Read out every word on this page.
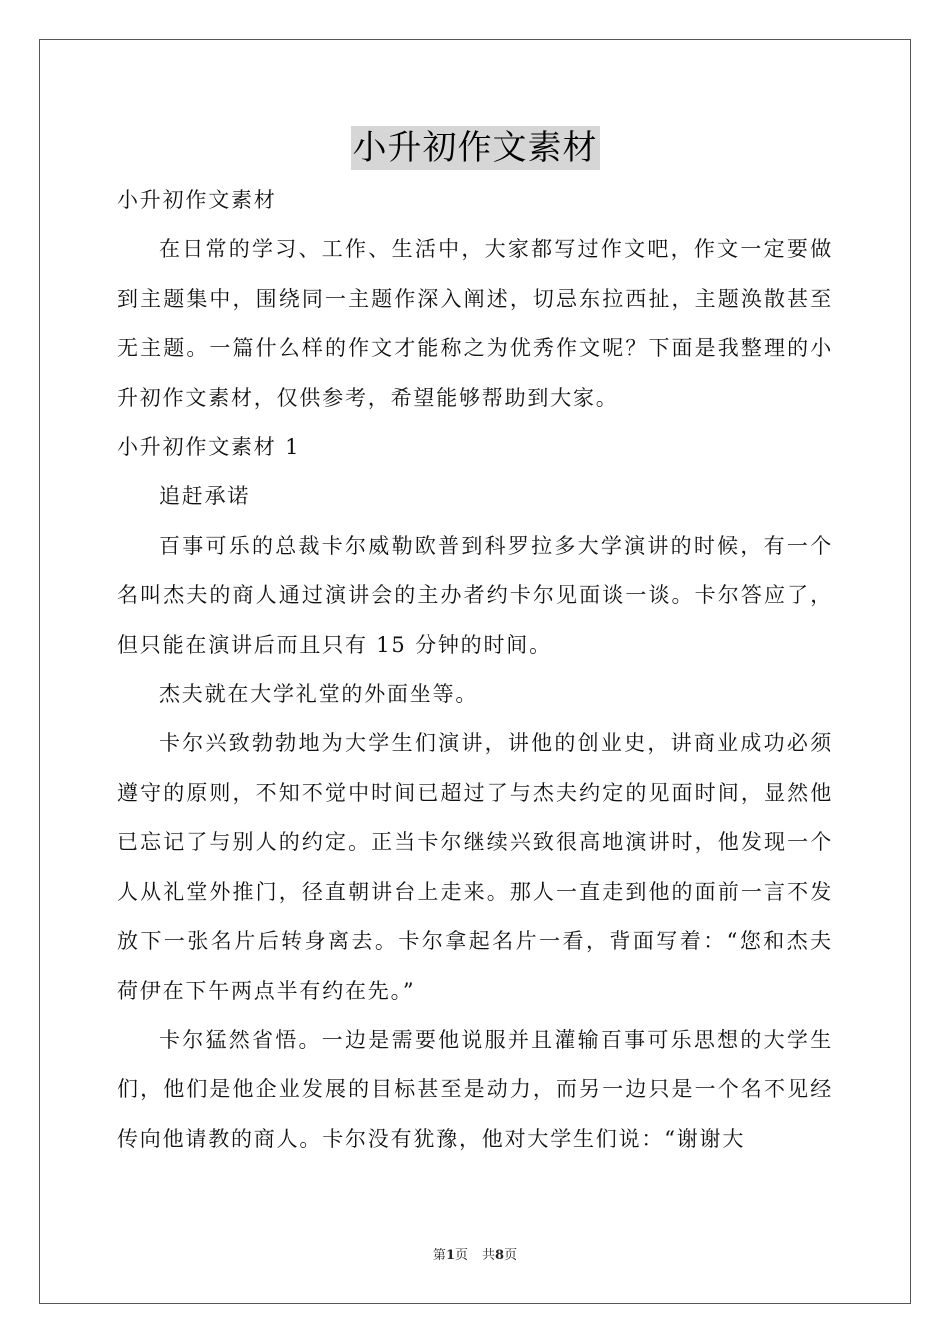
小升初作文素材

小升初作文素材

在日常的学习、工作、生活中，大家都写过作文吧，作文一定要做到主题集中，围绕同一主题作深入阐述，切忌东拉西扯，主题涣散甚至无主题。一篇什么样的作文才能称之为优秀作文呢？下面是我整理的小升初作文素材，仅供参考，希望能够帮助到大家。

小升初作文素材 1

追赶承诺

百事可乐的总裁卡尔威勒欧普到科罗拉多大学演讲的时候，有一个名叫杰夫的商人通过演讲会的主办者约卡尔见面谈一谈。卡尔答应了，但只能在演讲后而且只有 15 分钟的时间。

杰夫就在大学礼堂的外面坐等。

卡尔兴致勃勃地为大学生们演讲，讲他的创业史，讲商业成功必须遵守的原则，不知不觉中时间已超过了与杰夫约定的见面时间，显然他已忘记了与别人的约定。正当卡尔继续兴致很高地演讲时，他发现一个人从礼堂外推门，径直朝讲台上走来。那人一直走到他的面前一言不发放下一张名片后转身离去。卡尔拿起名片一看，背面写着：“您和杰夫荷伊在下午两点半有约在先。”

卡尔猛然省悟。一边是需要他说服并且灌输百事可乐思想的大学生们，他们是他企业发展的目标甚至是动力，而另一边只是一个名不见经传向他请教的商人。卡尔没有犹豫，他对大学生们说：“谢谢大

第1页 共8页
